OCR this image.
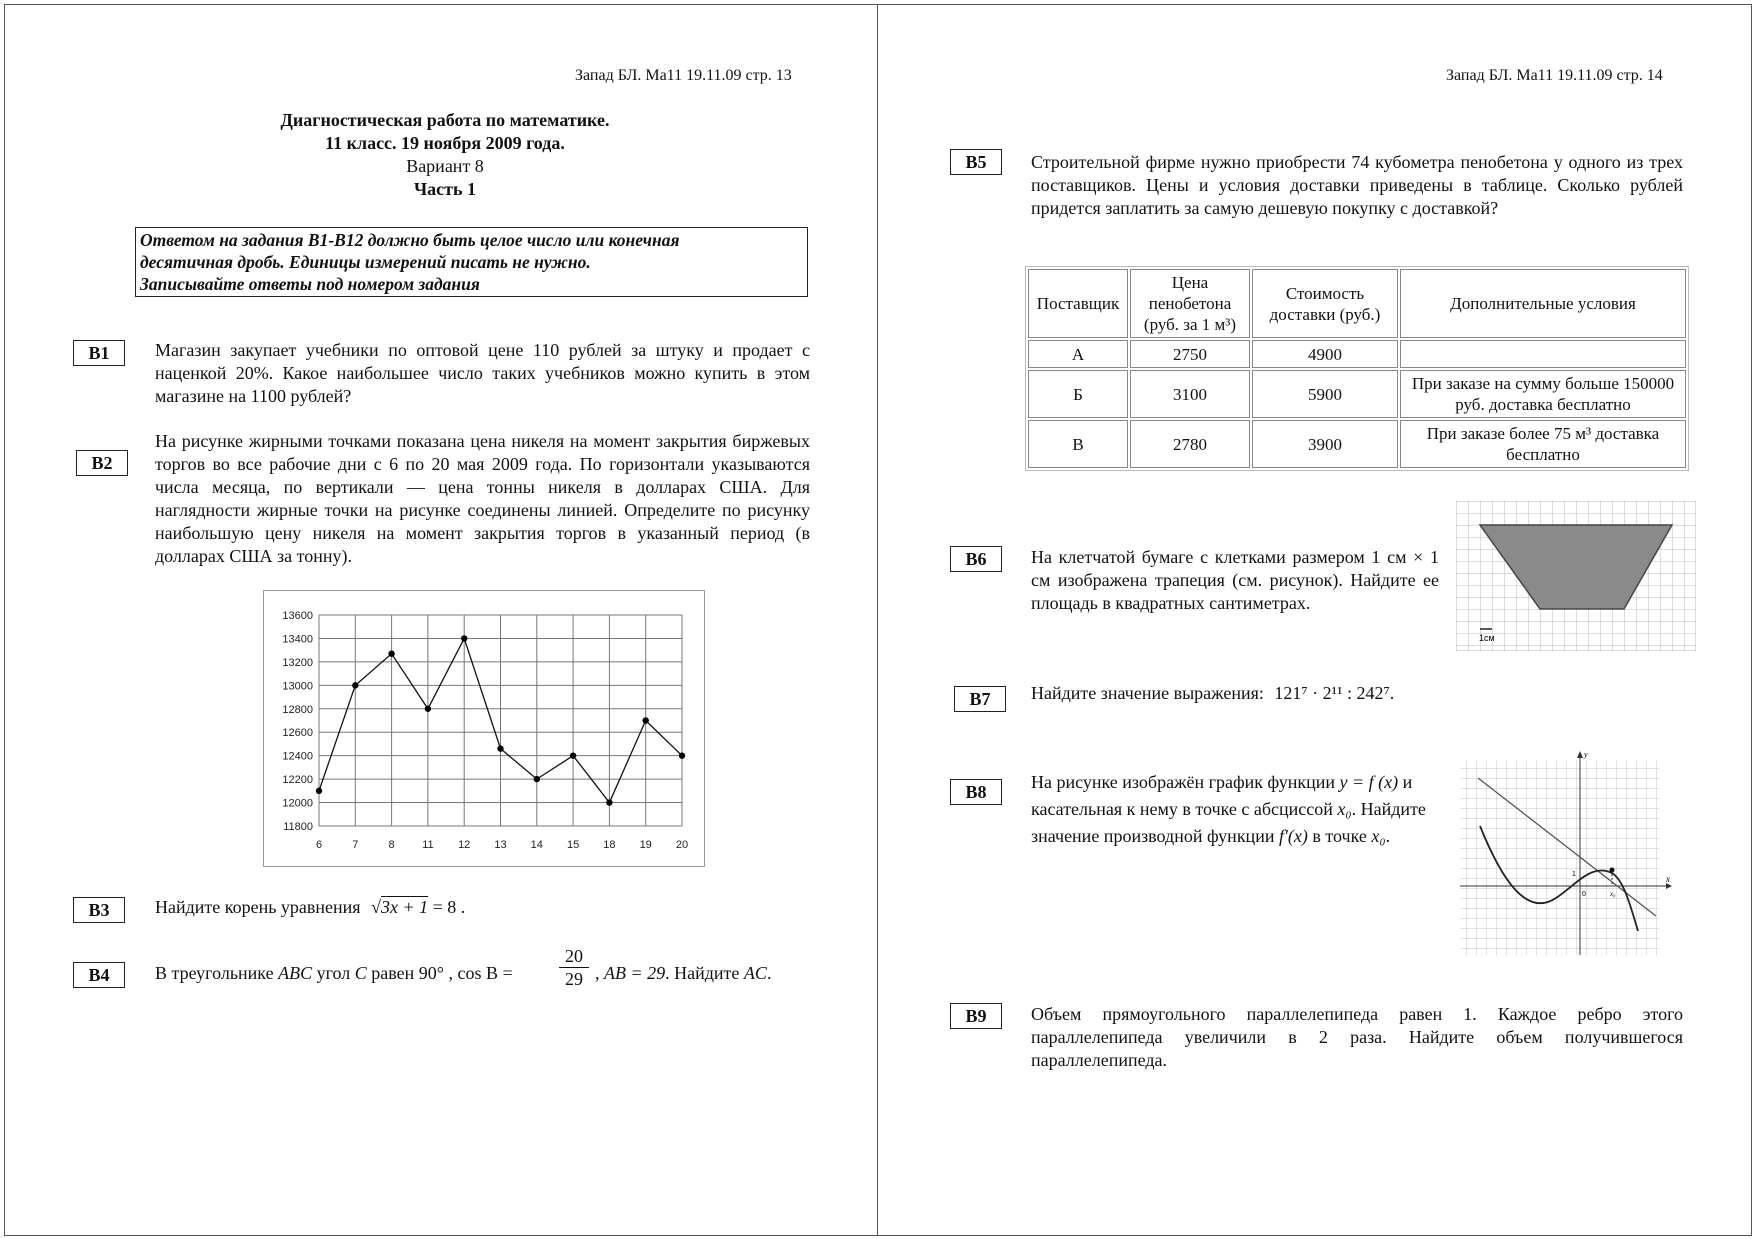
Запад БЛ. Ма11 19.11.09 стр. 13
Диагностическая работа по математике.
11 класс. 19 ноября 2009 года.
Вариант 8
Часть 1
Ответом на задания B1-B12 должно быть целое число или конечная
десятичная дробь. Единицы измерений писать не нужно.
Записывайте ответы под номером задания
B1	Магазин закупает учебники по оптовой цене 110 рублей за штуку и продает с наценкой 20%. Какое наибольшее число таких учебников можно купить в этом магазине на 1100 рублей?
B2
На рисунке жирными точками показана цена никеля на момент закрытия биржевых торгов во все рабочие дни с 6 по 20 мая 2009 года. По горизонтали указываются числа месяца, по вертикали — цена тонны никеля в долларах США. Для наглядности жирные точки на рисунке соединены линией. Определите по рисунку наибольшую цену никеля на момент закрытия торгов в указанный период (в долларах США за тонну).
11800
12000
12200
12400
12600
12800
13000
13200
13400
13600
6	7	8	11 12 13 14 15 18 19 20
B3	Найдите корень уравнения √3x + 1 = 8 .
B4	В треугольнике ABC угол C равен 90° , cos B =	$\frac{20}{29}$ , AB = 29. Найдите AC.
Запад БЛ. Ма11 19.11.09 стр. 14
B5	Строительной фирме нужно приобрести 74 кубометра пенобетона у одного из трех поставщиков. Цены и условия доставки приведены в таблице. Сколько рублей придется заплатить за самую дешевую покупку с доставкой?
Поставщик	Цена пенобетона (руб. за 1 м³)	Стоимость доставки (руб.)	Дополнительные условия
А	2750	4900	
Б	3100	5900	При заказе на сумму больше 150000 руб. доставка бесплатно
В	2780	3900	При заказе более 75 м³ доставка бесплатно
B6	На клетчатой бумаге с клетками размером 1 см × 1 см изображена трапеция (см. рисунок). Найдите ее площадь в квадратных сантиметрах.
1см
B7	Найдите значение выражения: 121⁷ · 2¹¹ : 242⁷.
B8	На рисунке изображён график функции y = f (x) и касательная к нему в точке с абсциссой x₀. Найдите значение производной функции f′(x) в точке x₀.
y
x
1
0	x₀
B9	Объем прямоугольного параллелепипеда равен 1. Каждое ребро этого параллелепипеда увеличили в 2 раза. Найдите объем получившегося параллелепипеда.
